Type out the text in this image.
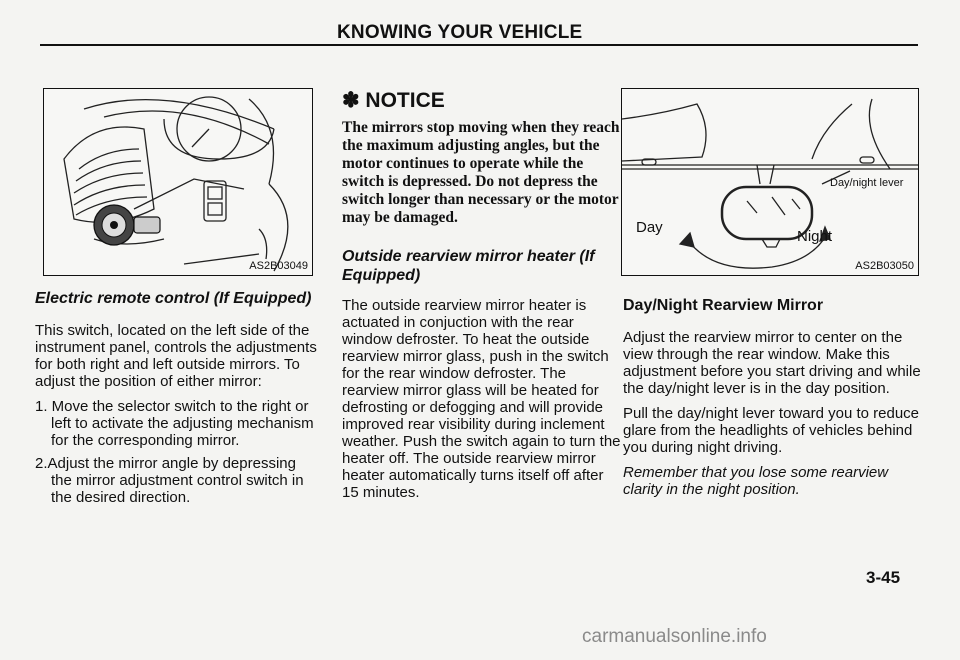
KNOWING YOUR VEHICLE
AS2B03049

Electric remote control (If Equipped)

This switch, located on the left side of the instrument panel, controls the adjustments for both right and left outside mirrors. To adjust the position of either mirror:

1. Move the selector switch to the right or left to activate the adjusting mechanism for the corresponding mirror.

2.Adjust the mirror angle by depressing the mirror adjustment control switch in the desired direction.

✽ NOTICE

The mirrors stop moving when they reach the maximum adjusting angles, but the motor continues to operate while the switch is depressed. Do not depress the switch longer than necessary or the motor may be damaged.

Outside rearview mirror heater (If Equipped)

The outside rearview mirror heater is actuated in conjuction with the rear window defroster. To heat the outside rearview mirror glass, push in the switch for the rear window defroster. The rearview mirror glass will be heated for defrosting or defogging and will provide improved rear visibility during inclement weather. Push the switch again to turn the heater off. The outside rearview mirror heater automatically turns itself off after 15 minutes.

Day/night lever
Day
Night
AS2B03050

Day/Night Rearview Mirror

Adjust the rearview mirror to center on the view through the rear window. Make this adjustment before you start driving and while the day/night lever is in the day position.

Pull the day/night lever toward you to reduce glare from the headlights of vehicles behind you during night driving.

Remember that you lose some rearview clarity in the night position.

3-45
carmanualsonline.info
